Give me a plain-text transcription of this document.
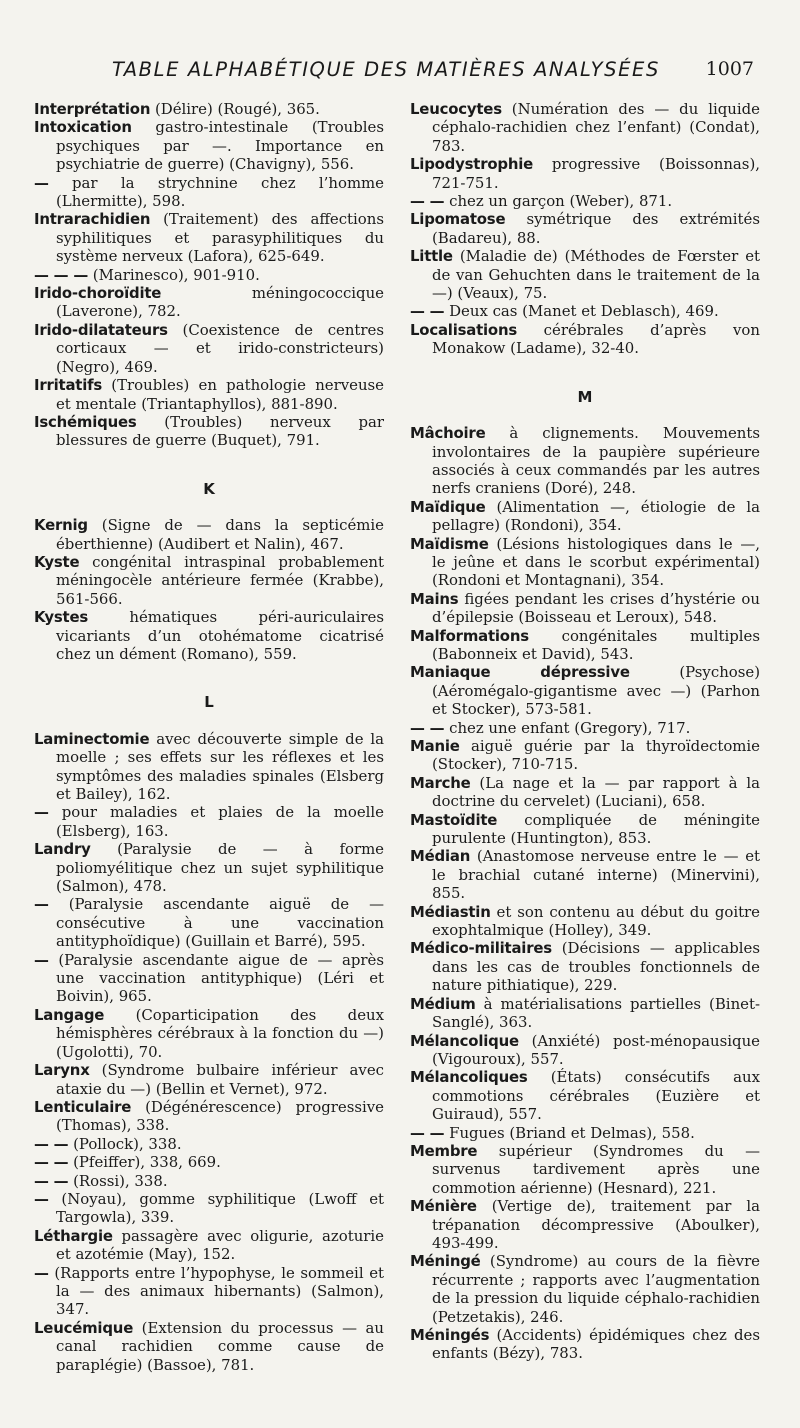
TABLE ALPHABÉTIQUE DES MATIÈRES ANALYSÉES 1007

Interprétation (Délire) (Rougé), 365.

Intoxication gastro-intestinale (Troubles psychiques par —. Importance en psychiatrie de guerre) (Chavigny), 556.

— par la strychnine chez l’homme (Lhermitte), 598.

Intrarachidien (Traitement) des affections syphilitiques et parasyphilitiques du système nerveux (Lafora), 625-649.

— — — (Marinesco), 901-910.

Irido-choroïdite méningococcique (Laverone), 782.

Irido-dilatateurs (Coexistence de centres corticaux — et irido-constricteurs) (Negro), 469.

Irritatifs (Troubles) en pathologie nerveuse et mentale (Triantaphyllos), 881-890.

Ischémiques (Troubles) nerveux par blessures de guerre (Buquet), 791.

K

Kernig (Signe de — dans la septicémie éberthienne) (Audibert et Nalin), 467.

Kyste congénital intraspinal probablement méningocèle antérieure fermée (Krabbe), 561-566.

Kystes hématiques péri-auriculaires vicariants d’un otohématome cicatrisé chez un dément (Romano), 559.

L

Laminectomie avec découverte simple de la moelle ; ses effets sur les réflexes et les symptômes des maladies spinales (Elsberg et Bailey), 162.

— pour maladies et plaies de la moelle (Elsberg), 163.

Landry (Paralysie de — à forme poliomyélitique chez un sujet syphilitique (Salmon), 478.

— (Paralysie ascendante aiguë de — consécutive à une vaccination antityphoïdique) (Guillain et Barré), 595.

— (Paralysie ascendante aigue de — après une vaccination antityphique) (Léri et Boivin), 965.

Langage (Coparticipation des deux hémisphères cérébraux à la fonction du —) (Ugolotti), 70.

Larynx (Syndrome bulbaire inférieur avec ataxie du —) (Bellin et Vernet), 972.

Lenticulaire (Dégénérescence) progressive (Thomas), 338.

— — (Pollock), 338.

— — (Pfeiffer), 338, 669.

— — (Rossi), 338.

— (Noyau), gomme syphilitique (Lwoff et Targowla), 339.

Léthargie passagère avec oligurie, azoturie et azotémie (May), 152.

— (Rapports entre l’hypophyse, le sommeil et la — des animaux hibernants) (Salmon), 347.

Leucémique (Extension du processus — au canal rachidien comme cause de paraplégie) (Bassoe), 781.

Leucocytes (Numération des — du liquide céphalo-rachidien chez l’enfant) (Condat), 783.

Lipodystrophie progressive (Boissonnas), 721-751.

— — chez un garçon (Weber), 871.

Lipomatose symétrique des extrémités (Badareu), 88.

Little (Maladie de) (Méthodes de Fœrster et de van Gehuchten dans le traitement de la —) (Veaux), 75.

— — Deux cas (Manet et Deblasch), 469.

Localisations cérébrales d’après von Monakow (Ladame), 32-40.

M

Mâchoire à clignements. Mouvements involontaires de la paupière supérieure associés à ceux commandés par les autres nerfs craniens (Doré), 248.

Maïdique (Alimentation —, étiologie de la pellagre) (Rondoni), 354.

Maïdisme (Lésions histologiques dans le —, le jeûne et dans le scorbut expérimental) (Rondoni et Montagnani), 354.

Mains figées pendant les crises d’hystérie ou d’épilepsie (Boisseau et Leroux), 548.

Malformations congénitales multiples (Babonneix et David), 543.

Maniaque dépressive (Psychose) (Aéromégalo-gigantisme avec —) (Parhon et Stocker), 573-581.

— — chez une enfant (Gregory), 717.

Manie aiguë guérie par la thyroïdectomie (Stocker), 710-715.

Marche (La nage et la — par rapport à la doctrine du cervelet) (Luciani), 658.

Mastoïdite compliquée de méningite purulente (Huntington), 853.

Médian (Anastomose nerveuse entre le — et le brachial cutané interne) (Minervini), 855.

Médiastin et son contenu au début du goitre exophtalmique (Holley), 349.

Médico-militaires (Décisions — applicables dans les cas de troubles fonctionnels de nature pithiatique), 229.

Médium à matérialisations partielles (Binet-Sanglé), 363.

Mélancolique (Anxiété) post-ménopausique (Vigouroux), 557.

Mélancoliques (États) consécutifs aux commotions cérébrales (Euzière et Guiraud), 557.

— — Fugues (Briand et Delmas), 558.

Membre supérieur (Syndromes du — survenus tardivement après une commotion aérienne) (Hesnard), 221.

Ménière (Vertige de), traitement par la trépanation décompressive (Aboulker), 493-499.

Méningé (Syndrome) au cours de la fièvre récurrente ; rapports avec l’augmentation de la pression du liquide céphalo-rachidien (Petzetakis), 246.

Méningés (Accidents) épidémiques chez des enfants (Bézy), 783.
